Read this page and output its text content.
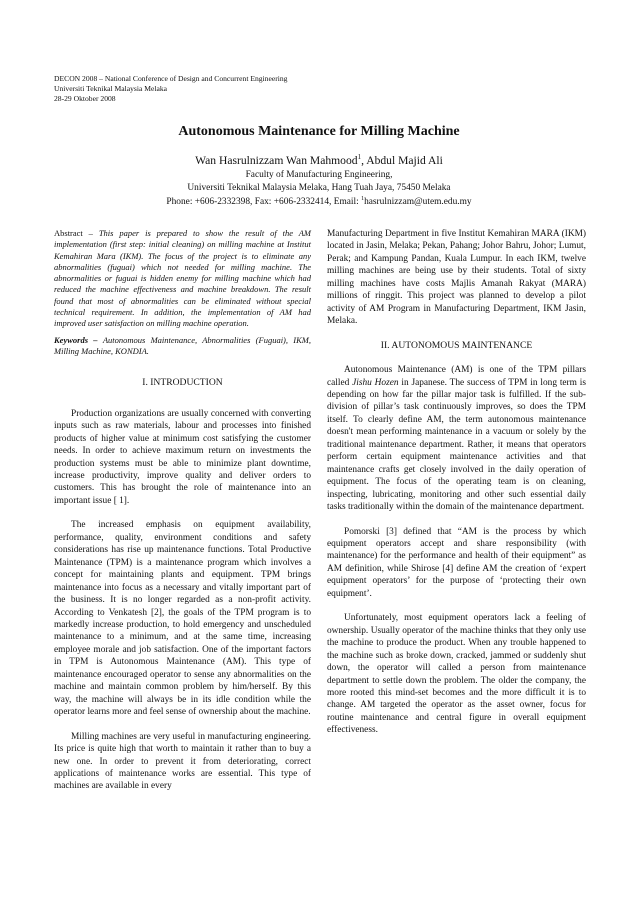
DECON 2008 – National Conference of Design and Concurrent Engineering
Universiti Teknikal Malaysia Melaka
28-29 Oktober 2008
Autonomous Maintenance for Milling Machine
Wan Hasrulnizzam Wan Mahmood$^1$, Abdul Majid Ali
Faculty of Manufacturing Engineering,
Universiti Teknikal Malaysia Melaka, Hang Tuah Jaya, 75450 Melaka
Phone: +606-2332398, Fax: +606-2332414, Email: $^1$hasrulnizzam@utem.edu.my

Abstract – This paper is prepared to show the result of the AM implementation (first step: initial cleaning) on milling machine at Institut Kemahiran Mara (IKM). The focus of the project is to eliminate any abnormalities (fuguai) which not needed for milling machine. The abnormalities or fuguai is hidden enemy for milling machine which had reduced the machine effectiveness and machine breakdown. The result found that most of abnormalities can be eliminated without special technical requirement. In addition, the implementation of AM had improved user satisfaction on milling machine operation.

Keywords – Autonomous Maintenance, Abnormalities (Fuguai), IKM, Milling Machine, KONDIA.

I. INTRODUCTION

Production organizations are usually concerned with converting inputs such as raw materials, labour and processes into finished products of higher value at minimum cost satisfying the customer needs. In order to achieve maximum return on investments the production systems must be able to minimize plant downtime, increase productivity, improve quality and deliver orders to customers. This has brought the role of maintenance into an important issue [ 1].

The increased emphasis on equipment availability, performance, quality, environment conditions and safety considerations has rise up maintenance functions. Total Productive Maintenance (TPM) is a maintenance program which involves a concept for maintaining plants and equipment. TPM brings maintenance into focus as a necessary and vitally important part of the business. It is no longer regarded as a non-profit activity. According to Venkatesh [2], the goals of the TPM program is to markedly increase production, to hold emergency and unscheduled maintenance to a minimum, and at the same time, increasing employee morale and job satisfaction. One of the important factors in TPM is Autonomous Maintenance (AM). This type of maintenance encouraged operator to sense any abnormalities on the machine and maintain common problem by him/herself. By this way, the machine will always be in its idle condition while the operator learns more and feel sense of ownership about the machine.

Milling machines are very useful in manufacturing engineering. Its price is quite high that worth to maintain it rather than to buy a new one. In order to prevent it from deteriorating, correct applications of maintenance works are essential. This type of machines are available in every

Manufacturing Department in five Institut Kemahiran MARA (IKM) located in Jasin, Melaka; Pekan, Pahang; Johor Bahru, Johor; Lumut, Perak; and Kampung Pandan, Kuala Lumpur. In each IKM, twelve milling machines are being use by their students. Total of sixty milling machines have costs Majlis Amanah Rakyat (MARA) millions of ringgit. This project was planned to develop a pilot activity of AM Program in Manufacturing Department, IKM Jasin, Melaka.

II. AUTONOMOUS MAINTENANCE

Autonomous Maintenance (AM) is one of the TPM pillars called Jishu Hozen in Japanese. The success of TPM in long term is depending on how far the pillar major task is fulfilled. If the sub-division of pillar’s task continuously improves, so does the TPM itself. To clearly define AM, the term autonomous maintenance doesn't mean performing maintenance in a vacuum or solely by the traditional maintenance department. Rather, it means that operators perform certain equipment maintenance activities and that maintenance crafts get closely involved in the daily operation of equipment. The focus of the operating team is on cleaning, inspecting, lubricating, monitoring and other such essential daily tasks traditionally within the domain of the maintenance department.

Pomorski [3] defined that “AM is the process by which equipment operators accept and share responsibility (with maintenance) for the performance and health of their equipment” as AM definition, while Shirose [4] define AM the creation of ‘expert equipment operators’ for the purpose of ‘protecting their own equipment’.

Unfortunately, most equipment operators lack a feeling of ownership. Usually operator of the machine thinks that they only use the machine to produce the product. When any trouble happened to the machine such as broke down, cracked, jammed or suddenly shut down, the operator will called a person from maintenance department to settle down the problem. The older the company, the more rooted this mind-set becomes and the more difficult it is to change. AM targeted the operator as the asset owner, focus for routine maintenance and central figure in overall equipment effectiveness.
